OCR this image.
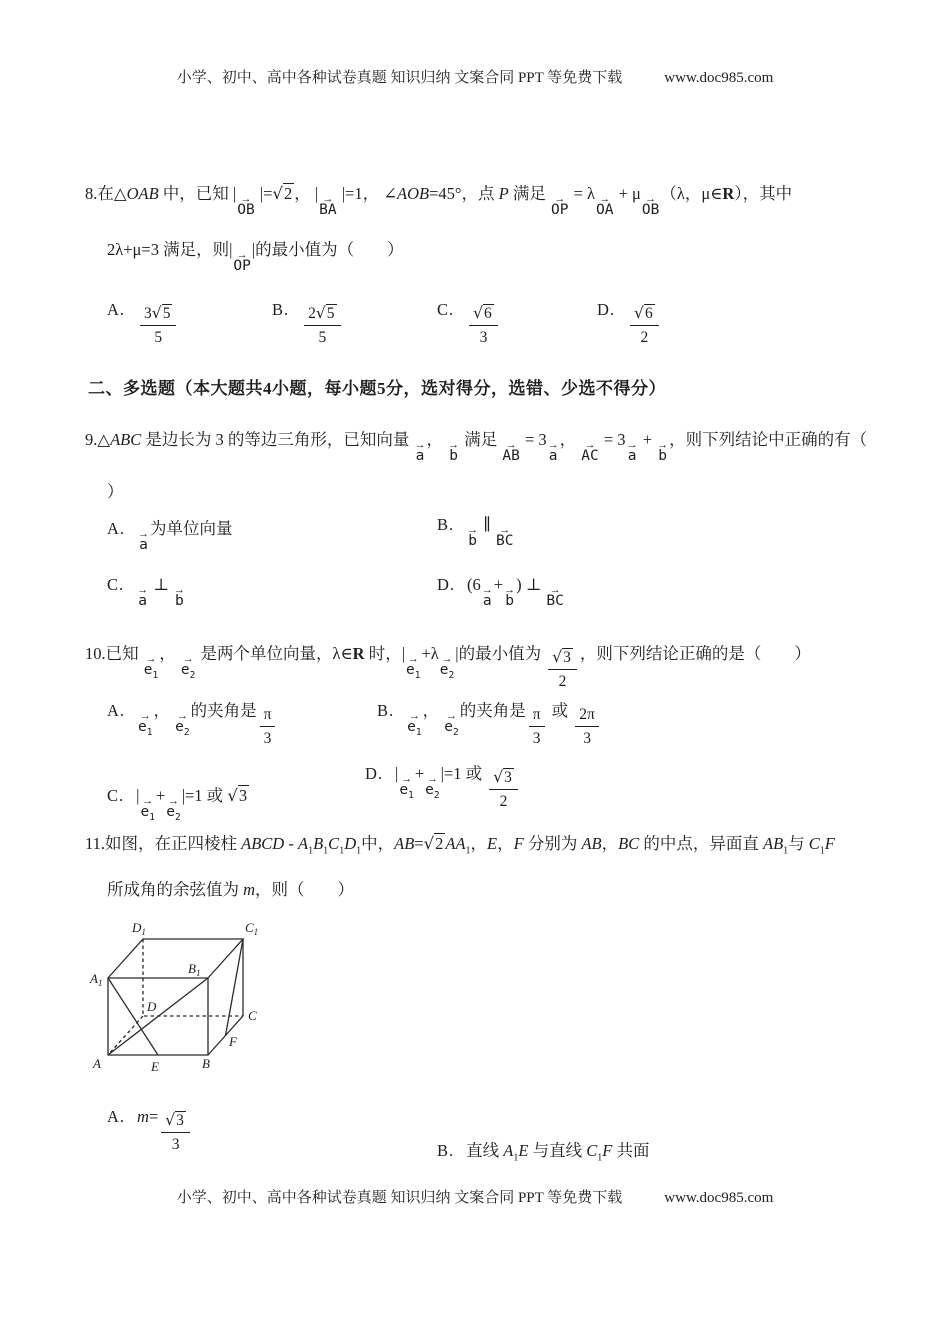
小学、初中、高中各种试卷真题 知识归纳 文案合同 PPT 等免费下载	www.doc985.com

8.在△OAB 中，已知 | →
OB
|=√2 ， | →
BA
|=1， ∠AOB=45°，点 P 满足 →
OP
= λ →
OA
+ μ →
OB
（λ，μ∈R），其中

2λ+μ=3 满足，则| →
OP
|的最小值为（　　）

A. $\frac{3√5}{5}$	B. $\frac{2√5}{5}$	C. $\frac{√6}{3}$	D. $\frac{√6}{2}$

二、多选题（本大题共4小题，每小题5分，选对得分，选错、少选不得分）

9.△ABC 是边长为 3 的等边三角形，已知向量 →
a
， →
b
满足 →
AB
= 3 →
a
， →
AC
= 3 →
a
+ →
b
，则下列结论中正确的有（

）

A. →
a
为单位向量	B. →
b
∥ →
BC
C. →
a
⊥ →
b
D. (6 →
a
+ →
b
) ⊥ →
BC

10.已知 →
$e_1$
， →
$e_2$
是两个单位向量，λ∈R 时，| →
$e_1$
+λ →
$e_2$
|的最小值为 $\frac{√3}{2}$ ，则下列结论正确的是（　　）

A. →
$e_1$
， →
$e_2$
的夹角是 $\frac{\pi}{3}$	B. →
$e_1$
， →
$e_2$
的夹角是 $\frac{\pi}{3}$ 或 $\frac{2\pi}{3}$
C. | →
$e_1$
+ →
$e_2$
|=1 或 √3
D. | →
$e_1$
+ →
$e_2$
|=1 或 $\frac{√3}{2}$

11.如图，在正四棱柱 ABCD - $A_1B_1C_1D_1$中，AB=√2 $AA_1$，E，F 分别为 AB，BC 的中点，异面直 $AB_1$与 $C_1F$

所成角的余弦值为 m，则（　　）

$A_1$
$D_1$
$B_1$
$C_1$
D
C
F
A	E	B
A. $m= \frac{√3}{3}$	B. 直线 $A_1E$ 与直线 $C_1F$ 共面
小学、初中、高中各种试卷真题 知识归纳 文案合同 PPT 等免费下载	www.doc985.com
